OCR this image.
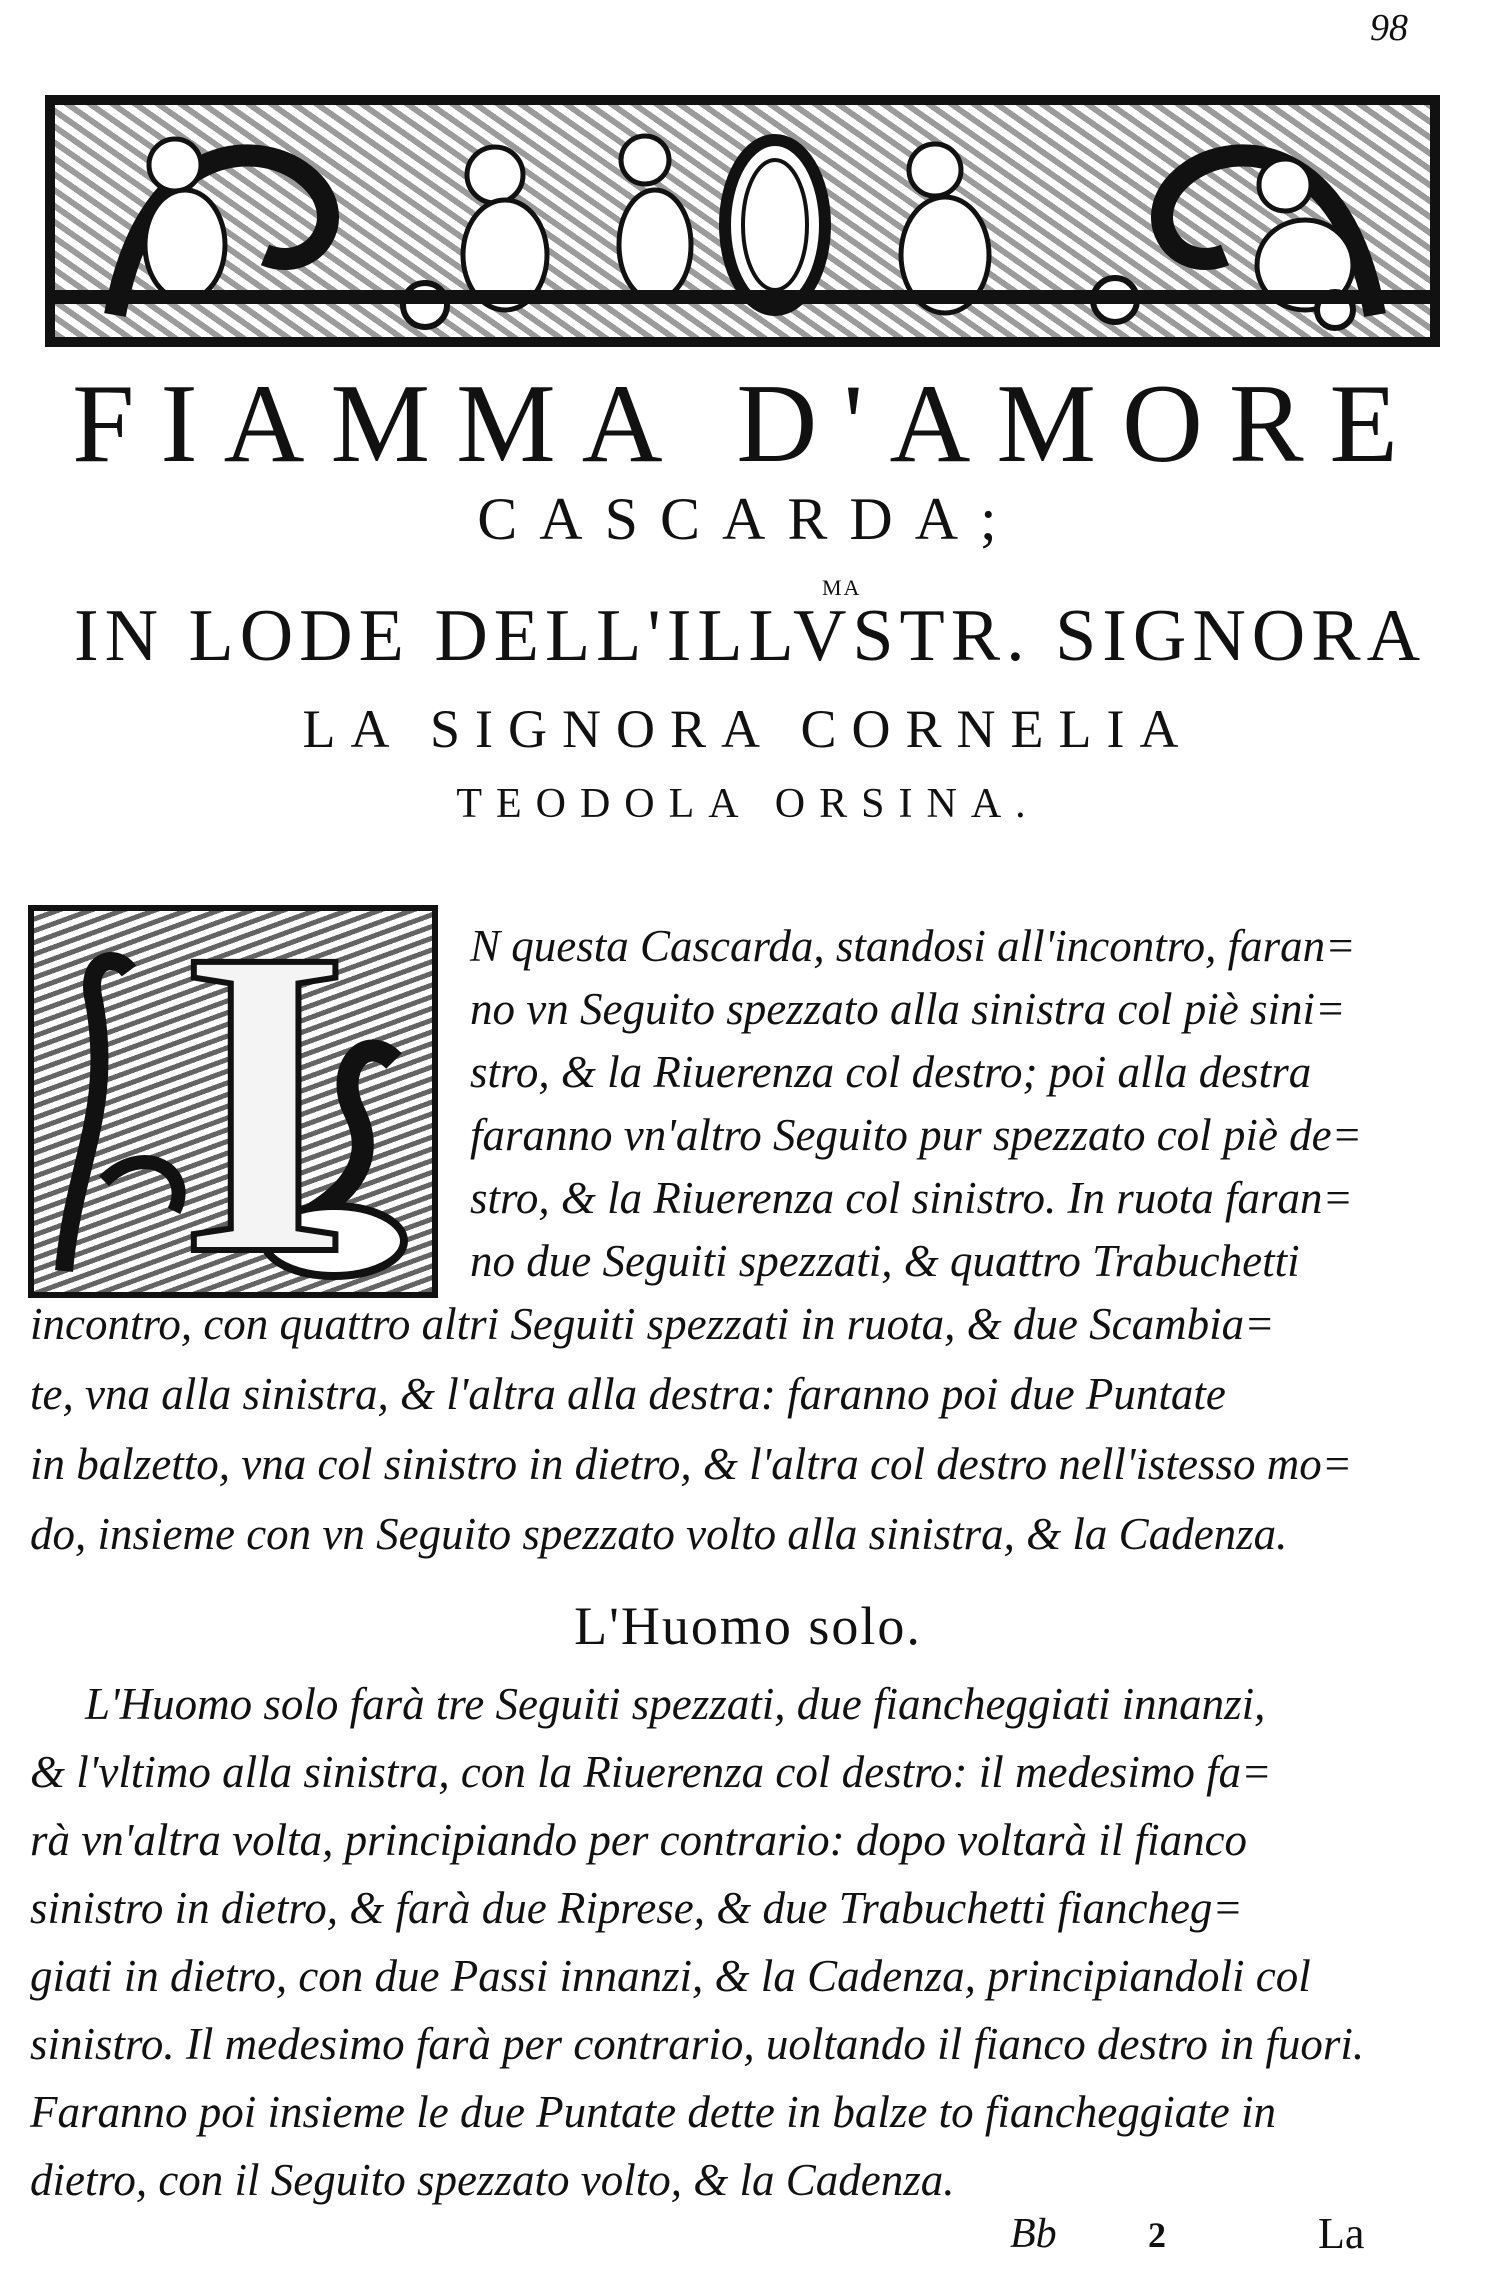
98
FIAMMA D'AMORE
CASCARDA;
MA
IN LODE DELL'ILLVSTR. SIGNORA
LA SIGNORA CORNELIA
TEODOLA ORSINA.
I	N questa Cascarda, standosi all'incontro, faran=
no vn Seguito spezzato alla sinistra col piè sini=
stro, & la Riuerenza col destro; poi alla destra
faranno vn'altro Seguito pur spezzato col piè de=
stro, & la Riuerenza col sinistro. In ruota faran=
no due Seguiti spezzati, & quattro Trabuchetti
incontro, con quattro altri Seguiti spezzati in ruota, & due Scambia=
te, vna alla sinistra, & l'altra alla destra: faranno poi due Puntate
in balzetto, vna col sinistro in dietro, & l'altra col destro nell'istesso mo=
do, insieme con vn Seguito spezzato volto alla sinistra, & la Cadenza.
L'Huomo solo.
L'Huomo solo farà tre Seguiti spezzati, due fiancheggiati innanzi,
& l'vltimo alla sinistra, con la Riuerenza col destro: il medesimo fa=
rà vn'altra volta, principiando per contrario: dopo voltarà il fianco
sinistro in dietro, & farà due Riprese, & due Trabuchetti fiancheg=
giati in dietro, con due Passi innanzi, & la Cadenza, principiandoli col
sinistro. Il medesimo farà per contrario, uoltando il fianco destro in fuori.
Faranno poi insieme le due Puntate dette in balze to fiancheggiate in
dietro, con il Seguito spezzato volto, & la Cadenza.
Bb	2	La
